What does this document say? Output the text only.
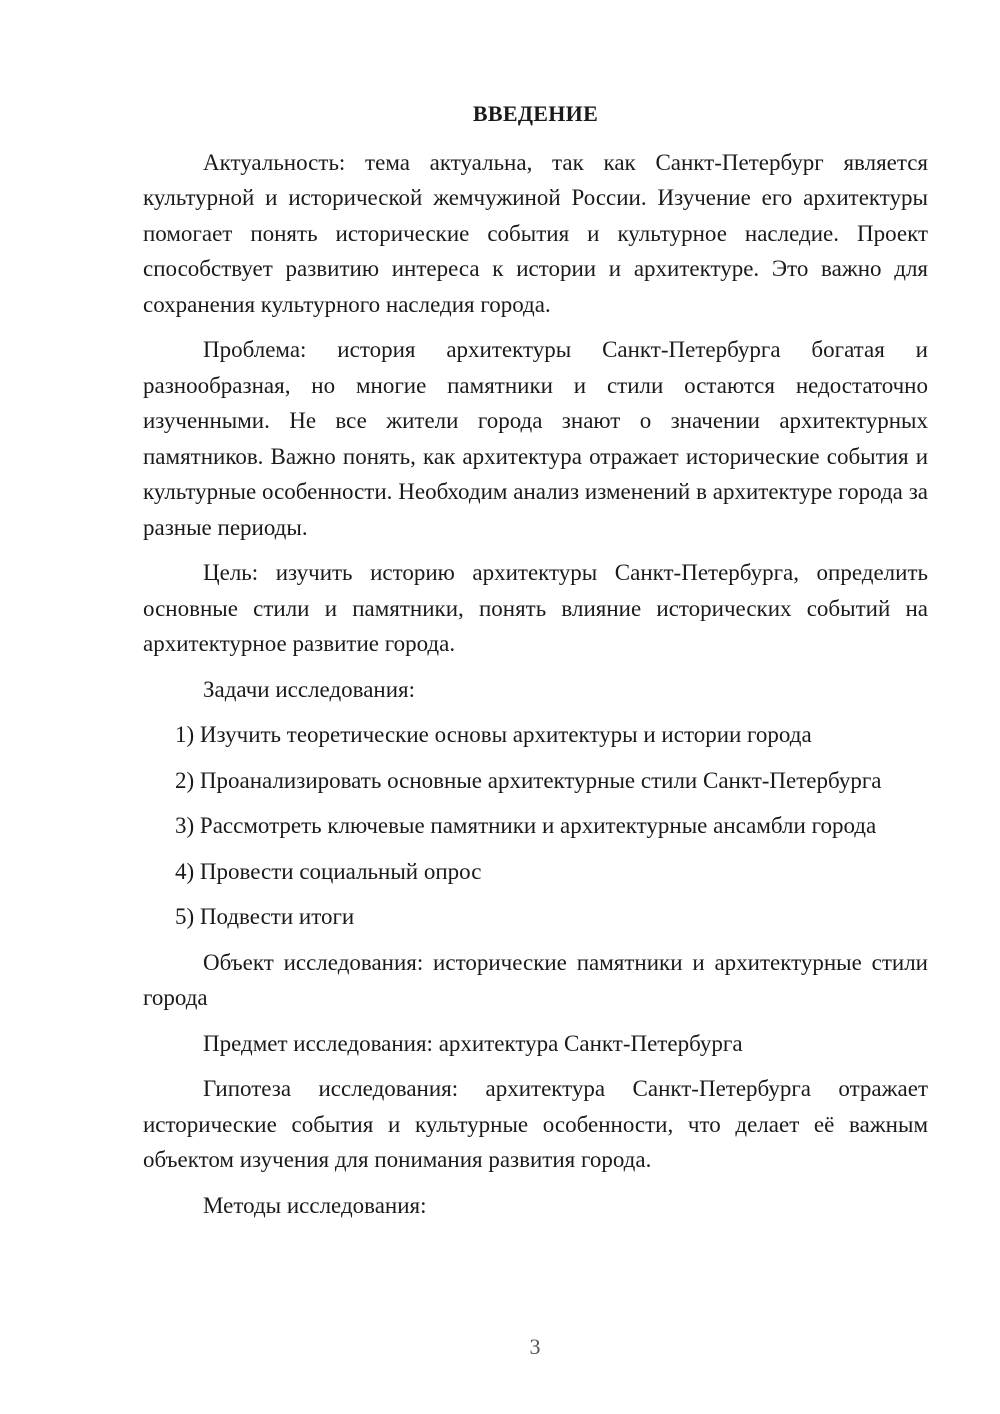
ВВЕДЕНИЕ

Актуальность: тема актуальна, так как Санкт-Петербург является культурной и исторической жемчужиной России. Изучение его архитектуры помогает понять исторические события и культурное наследие. Проект способствует развитию интереса к истории и архитектуре. Это важно для сохранения культурного наследия города.

Проблема: история архитектуры Санкт-Петербурга богатая и разнообразная, но многие памятники и стили остаются недостаточно изученными. Не все жители города знают о значении архитектурных памятников. Важно понять, как архитектура отражает исторические события и культурные особенности. Необходим анализ изменений в архитектуре города за разные периоды.

Цель: изучить историю архитектуры Санкт-Петербурга, определить основные стили и памятники, понять влияние исторических событий на архитектурное развитие города.

Задачи исследования:

1) Изучить теоретические основы архитектуры и истории города

2) Проанализировать основные архитектурные стили Санкт-Петербурга

3) Рассмотреть ключевые памятники и архитектурные ансамбли города

4) Провести социальный опрос

5) Подвести итоги

Объект исследования: исторические памятники и архитектурные стили города

Предмет исследования: архитектура Санкт-Петербурга

Гипотеза исследования: архитектура Санкт-Петербурга отражает исторические события и культурные особенности, что делает её важным объектом изучения для понимания развития города.

Методы исследования:

3
